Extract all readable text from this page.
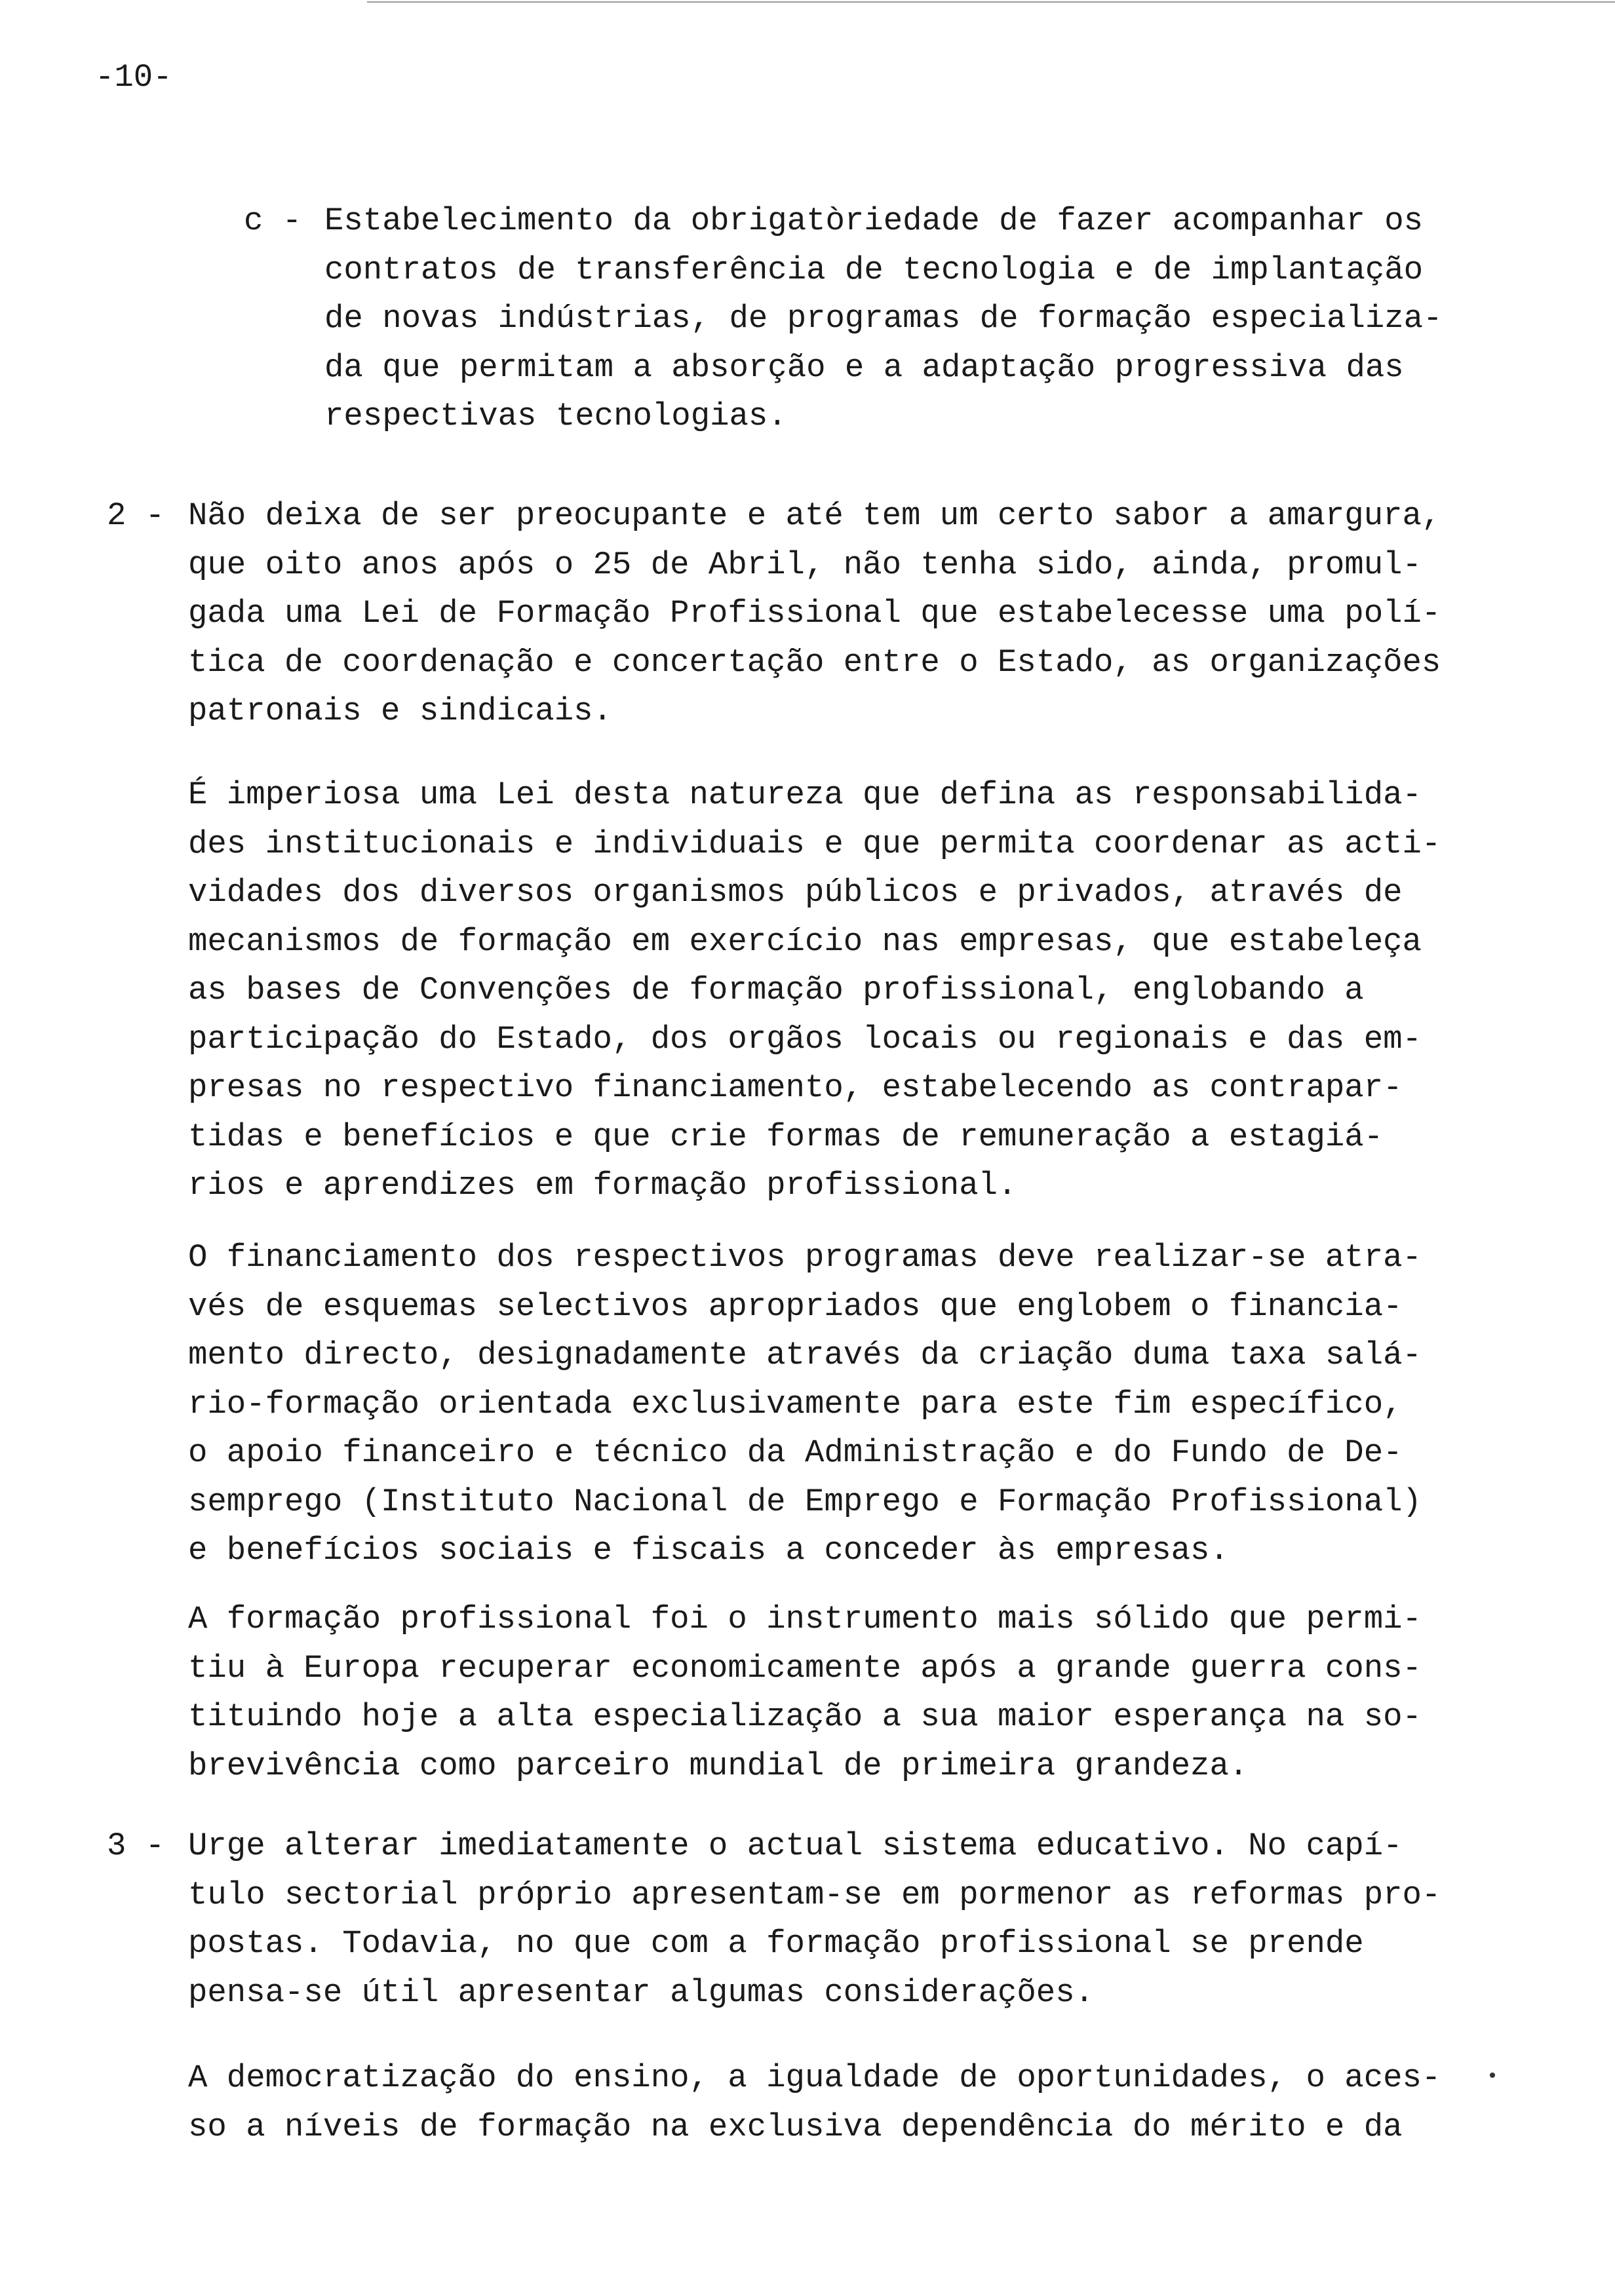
-10-

c - Estabelecimento da obrigatòriedade de fazer acompanhar os
contratos de transferência de tecnologia e de implantação
de novas indústrias, de programas de formação especializa-
da que permitam a absorção e a adaptação progressiva das
respectivas tecnologias.
2 - Não deixa de ser preocupante e até tem um certo sabor a amargura,
que oito anos após o 25 de Abril, não tenha sido, ainda, promul-
gada uma Lei de Formação Profissional que estabelecesse uma polí-
tica de coordenação e concertação entre o Estado, as organizações
patronais e sindicais.
É imperiosa uma Lei desta natureza que defina as responsabilida-
des institucionais e individuais e que permita coordenar as acti-
vidades dos diversos organismos públicos e privados, através de
mecanismos de formação em exercício nas empresas, que estabeleça
as bases de Convenções de formação profissional, englobando a
participação do Estado, dos orgãos locais ou regionais e das em-
presas no respectivo financiamento, estabelecendo as contrapar-
tidas e benefícios e que crie formas de remuneração a estagiá-
rios e aprendizes em formação profissional.
O financiamento dos respectivos programas deve realizar-se atra-
vés de esquemas selectivos apropriados que englobem o financia-
mento directo, designadamente através da criação duma taxa salá-
rio-formação orientada exclusivamente para este fim específico,
o apoio financeiro e técnico da Administração e do Fundo de De-
semprego (Instituto Nacional de Emprego e Formação Profissional)
e benefícios sociais e fiscais a conceder às empresas.
A formação profissional foi o instrumento mais sólido que permi-
tiu à Europa recuperar economicamente após a grande guerra cons-
tituindo hoje a alta especialização a sua maior esperança na so-
brevivência como parceiro mundial de primeira grandeza.
3 - Urge alterar imediatamente o actual sistema educativo. No capí-
tulo sectorial próprio apresentam-se em pormenor as reformas pro-
postas. Todavia, no que com a formação profissional se prende
pensa-se útil apresentar algumas considerações.
A democratização do ensino, a igualdade de oportunidades, o aces-
so a níveis de formação na exclusiva dependência do mérito e da
•
